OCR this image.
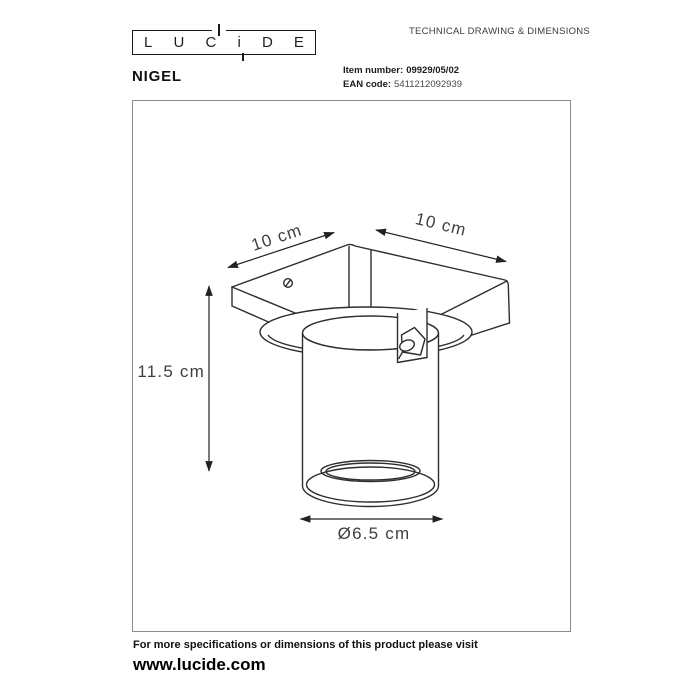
L U C i D E
TECHNICAL DRAWING & DIMENSIONS
NIGEL	Item number: 09929/05/02
EAN code: 5411212092939
10 cm	10 cm
11.5 cm
Ø6.5 cm
For more specifications or dimensions of this product please visit
www.lucide.com
